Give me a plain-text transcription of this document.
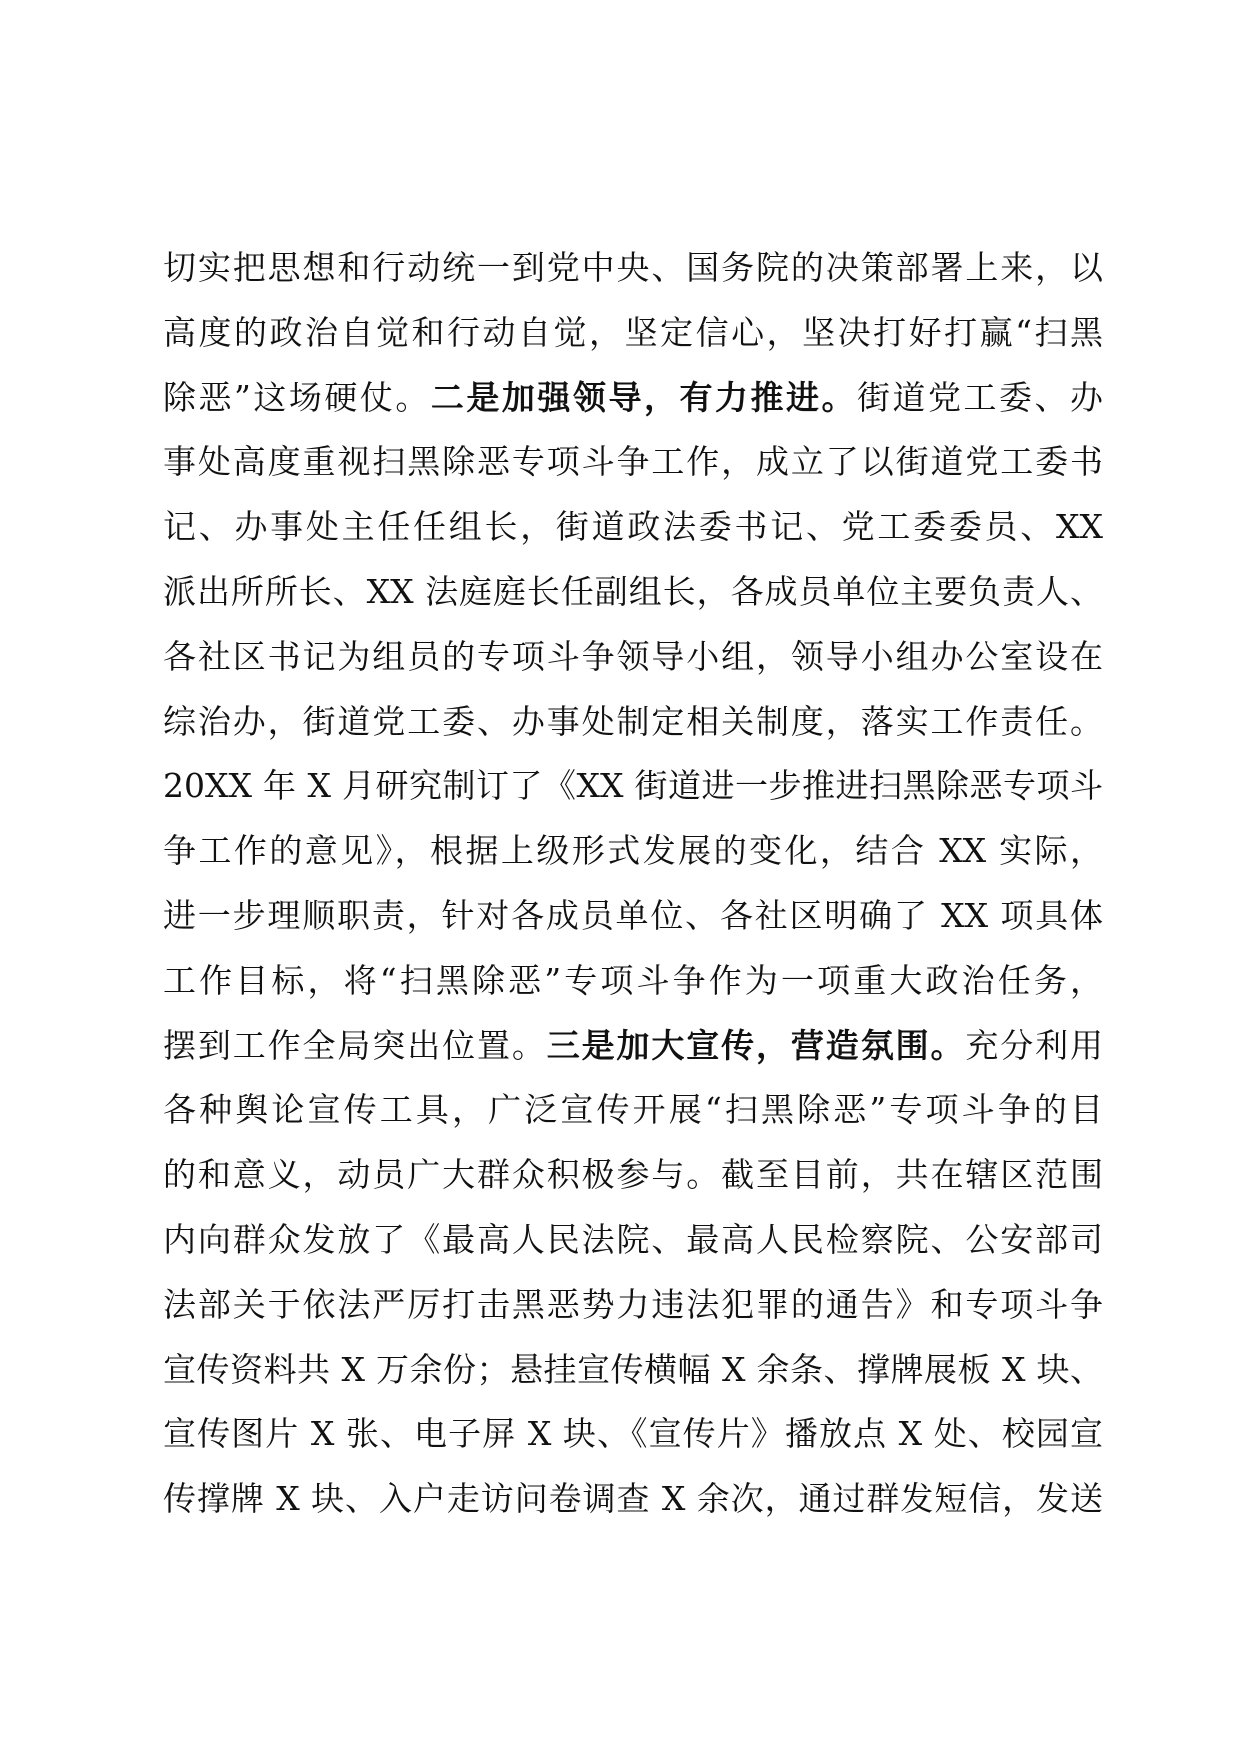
切实把思想和行动统一到党中央、国务院的决策部署上来，以
高度的政治自觉和行动自觉，坚定信心，坚决打好打赢“扫黑
除恶”这场硬仗。二是加强领导，有力推进。街道党工委、办
事处高度重视扫黑除恶专项斗争工作，成立了以街道党工委书
记、办事处主任任组长，街道政法委书记、党工委委员、XX
派出所所长、XX 法庭庭长任副组长，各成员单位主要负责人、
各社区书记为组员的专项斗争领导小组，领导小组办公室设在
综治办，街道党工委、办事处制定相关制度，落实工作责任。
20XX 年 X 月研究制订了《XX 街道进一步推进扫黑除恶专项斗
争工作的意见》，根据上级形式发展的变化，结合 XX 实际，
进一步理顺职责，针对各成员单位、各社区明确了 XX 项具体
工作目标，将“扫黑除恶”专项斗争作为一项重大政治任务，
摆到工作全局突出位置。三是加大宣传，营造氛围。充分利用
各种舆论宣传工具，广泛宣传开展“扫黑除恶”专项斗争的目
的和意义，动员广大群众积极参与。截至目前，共在辖区范围
内向群众发放了《最高人民法院、最高人民检察院、公安部司
法部关于依法严厉打击黑恶势力违法犯罪的通告》和专项斗争
宣传资料共 X 万余份；悬挂宣传横幅 X 余条、撑牌展板 X 块、
宣传图片 X 张、电子屏 X 块、《宣传片》播放点 X 处、校园宣
传撑牌 X 块、入户走访问卷调查 X 余次，通过群发短信，发送
